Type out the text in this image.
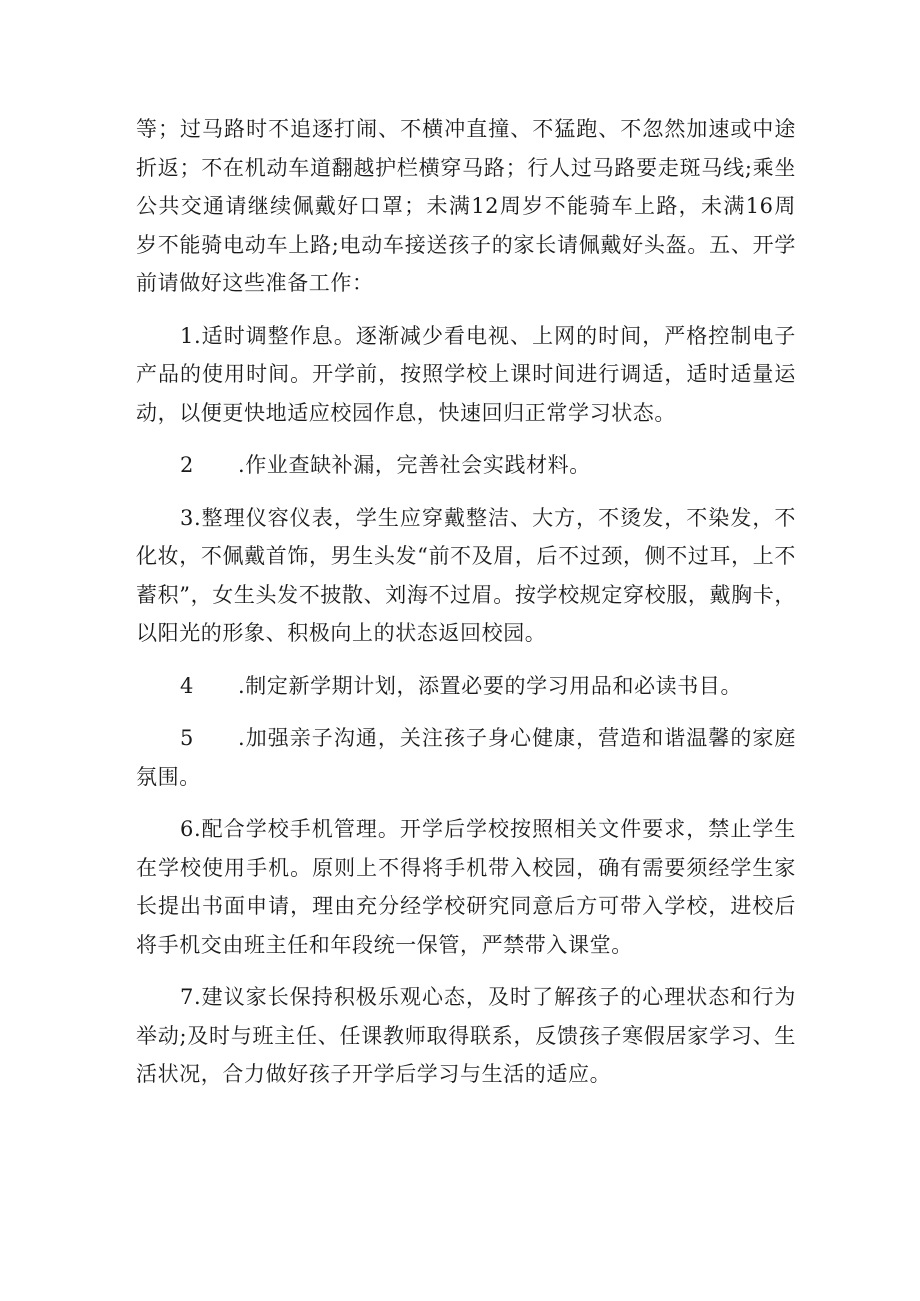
等；过马路时不追逐打闹、不横冲直撞、不猛跑、不忽然加速或中途折返；不在机动车道翻越护栏横穿马路；行人过马路要走斑马线;乘坐公共交通请继续佩戴好口罩；未满12周岁不能骑车上路，未满16周岁不能骑电动车上路;电动车接送孩子的家长请佩戴好头盔。五、开学前请做好这些准备工作：

1.适时调整作息。逐渐减少看电视、上网的时间，严格控制电子产品的使用时间。开学前，按照学校上课时间进行调适，适时适量运动，以便更快地适应校园作息，快速回归正常学习状态。

2 .作业查缺补漏，完善社会实践材料。

3.整理仪容仪表，学生应穿戴整洁、大方，不烫发，不染发，不化妆，不佩戴首饰，男生头发“前不及眉，后不过颈，侧不过耳，上不蓄积”，女生头发不披散、刘海不过眉。按学校规定穿校服，戴胸卡，以阳光的形象、积极向上的状态返回校园。

4 .制定新学期计划，添置必要的学习用品和必读书目。

5 .加强亲子沟通，关注孩子身心健康，营造和谐温馨的家庭氛围。

6.配合学校手机管理。开学后学校按照相关文件要求，禁止学生在学校使用手机。原则上不得将手机带入校园，确有需要须经学生家长提出书面申请，理由充分经学校研究同意后方可带入学校，进校后将手机交由班主任和年段统一保管，严禁带入课堂。

7.建议家长保持积极乐观心态，及时了解孩子的心理状态和行为举动;及时与班主任、任课教师取得联系，反馈孩子寒假居家学习、生活状况，合力做好孩子开学后学习与生活的适应。
